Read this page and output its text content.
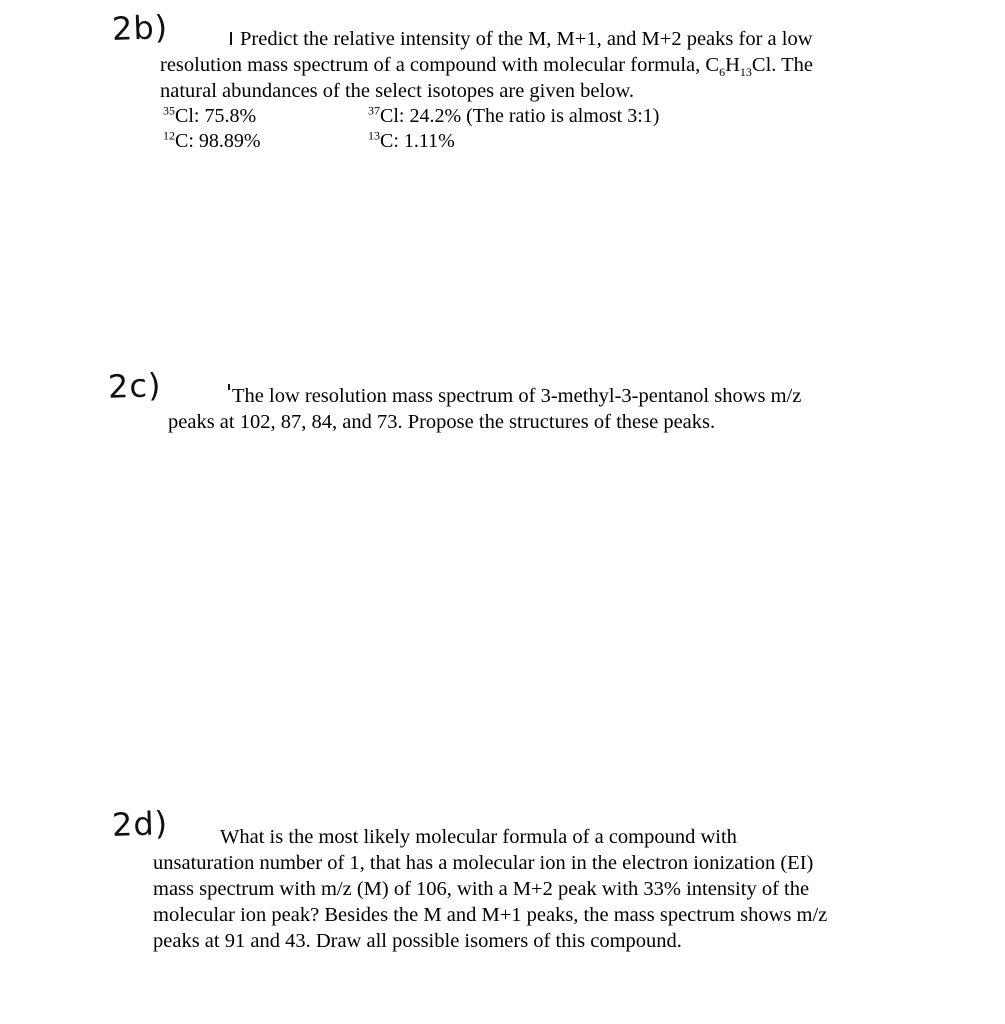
2b)	Predict the relative intensity of the M, M+1, and M+2 peaks for a low
resolution mass spectrum of a compound with molecular formula, $C_6H_{13}Cl$. The
natural abundances of the select isotopes are given below.
$^{35}$Cl: 75.8%	$^{37}$Cl: 24.2% (The ratio is almost 3:1)
$^{12}$C: 98.89%	$^{13}$C: 1.11%
2c)	The low resolution mass spectrum of 3-methyl-3-pentanol shows m/z
peaks at 102, 87, 84, and 73. Propose the structures of these peaks.
2d)	What is the most likely molecular formula of a compound with
unsaturation number of 1, that has a molecular ion in the electron ionization (EI)
mass spectrum with m/z (M) of 106, with a M+2 peak with 33% intensity of the
molecular ion peak? Besides the M and M+1 peaks, the mass spectrum shows m/z
peaks at 91 and 43. Draw all possible isomers of this compound.
